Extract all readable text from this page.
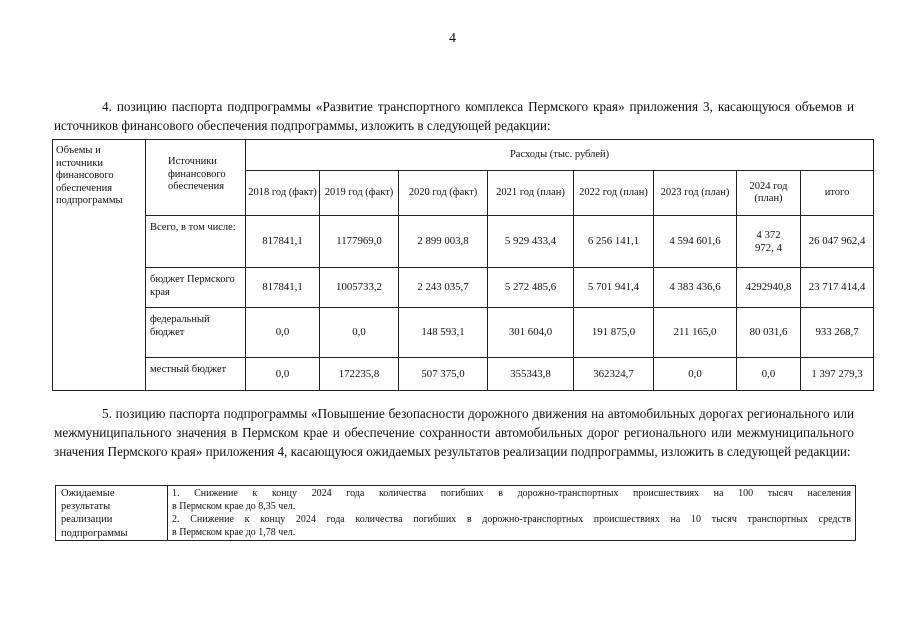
4
4. позицию паспорта подпрограммы «Развитие транспортного комплекса Пермского края» приложения 3, касающуюся объемов и источников финансового обеспечения подпрограммы, изложить в следующей редакции:
Объемы и источники финансового обеспечения подпрограммы	Источники финансового обеспечения	Расходы (тыс. рублей)							
		2018 год (факт)	2019 год (факт)	2020 год (факт)	2021 год (план)	2022 год (план)	2023 год (план)	2024 год (план)	итого
	Всего, в том числе:	817841,1	1177969,0	2 899 003,8	5 929 433,4	6 256 141,1	4 594 601,6	4 372 972, 4	26 047 962,4
	бюджет Пермского края	817841,1	1005733,2	2 243 035,7	5 272 485,6	5 701 941,4	4 383 436,6	4292940,8	23 717 414,4
	федеральный бюджет	0,0	0,0	148 593,1	301 604,0	191 875,0	211 165,0	80 031,6	933 268,7
	местный бюджет	0,0	172235,8	507 375,0	355343,8	362324,7	0,0	0,0	1 397 279,3
5. позицию паспорта подпрограммы «Повышение безопасности дорожного движения на автомобильных дорогах регионального или межмуниципального значения в Пермском крае и обеспечение сохранности автомобильных дорог регионального или межмуниципального значения Пермского края» приложения 4, касающуюся ожидаемых результатов реализации подпрограммы, изложить в следующей редакции:
Ожидаемые результаты реализации подпрограммы	
1. Снижение к концу 2024 года количества погибших в дорожно-транспортных происшествиях на 100 тысяч населения
в Пермском крае до 8,35 чел.
2. Снижение к концу 2024 года количества погибших в дорожно-транспортных происшествиях на 10 тысяч транспортных средств
в Пермском крае до 1,78 чел.
